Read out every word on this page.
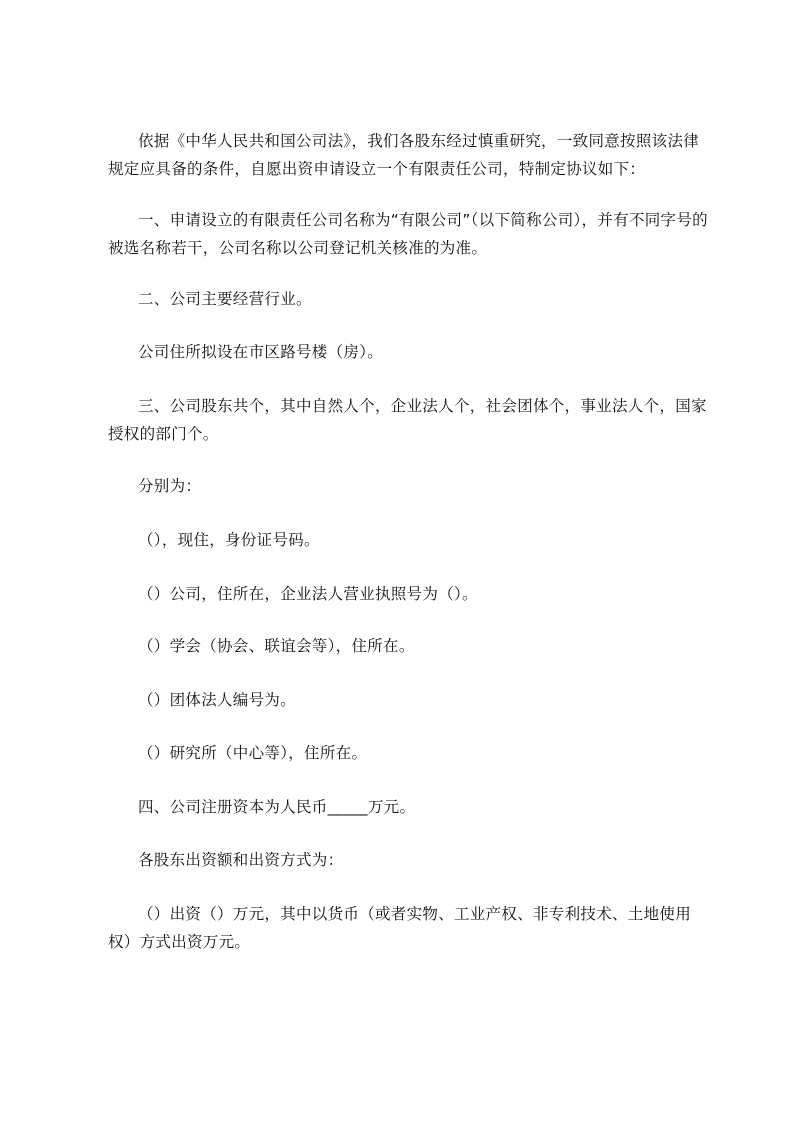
依据《中华人民共和国公司法》，我们各股东经过慎重研究，一致同意按照该法律规定应具备的条件，自愿出资申请设立一个有限责任公司，特制定协议如下：

一、申请设立的有限责任公司名称为“有限公司”（以下简称公司），并有不同字号的被选名称若干，公司名称以公司登记机关核准的为准。

二、公司主要经营行业。

公司住所拟设在市区路号楼（房）。

三、公司股东共个，其中自然人个，企业法人个，社会团体个，事业法人个，国家授权的部门个。

分别为：

（），现住，身份证号码。

（）公司，住所在，企业法人营业执照号为（）。

（）学会（协会、联谊会等），住所在。

（）团体法人编号为。

（）研究所（中心等），住所在。

四、公司注册资本为人民币_____万元。

各股东出资额和出资方式为：

（）出资（）万元，其中以货币（或者实物、工业产权、非专利技术、土地使用权）方式出资万元。
